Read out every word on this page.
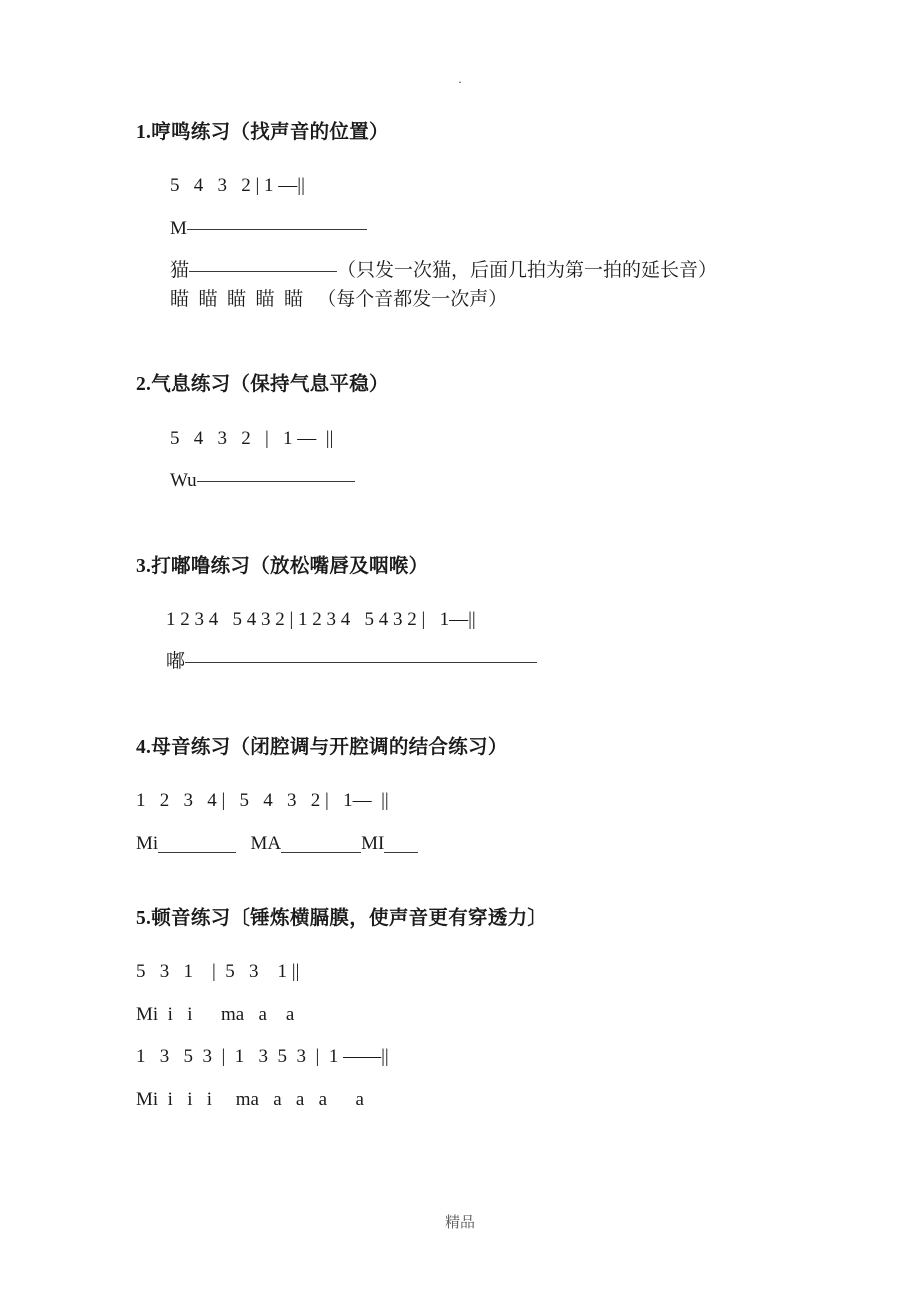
.

1.哼鸣练习（找声音的位置）

5   4   3   2 | 1 —||

M

猫	（只发一次猫，后面几拍为第一拍的延长音）

瞄  瞄  瞄  瞄  瞄   （每个音都发一次声）

2.气息练习（保持气息平稳）

5   4   3   2   |   1 —  ||

Wu

3.打嘟噜练习（放松嘴唇及咽喉）

1 2 3 4   5 4 3 2 | 1 2 3 4   5 4 3 2 |   1—||

嘟

4.母音练习（闭腔调与开腔调的结合练习）

1   2   3   4 |   5   4   3   2 |   1—  ||

Mi
	MA	MI

5.顿音练习〔锤炼横膈膜，使声音更有穿透力〕

5   3   1    |  5   3    1 ||

Mi  i   i      ma   a    a

1   3   5  3  |  1   3  5  3  |  1 ——||

Mi  i   i   i     ma   a   a   a      a

精品
